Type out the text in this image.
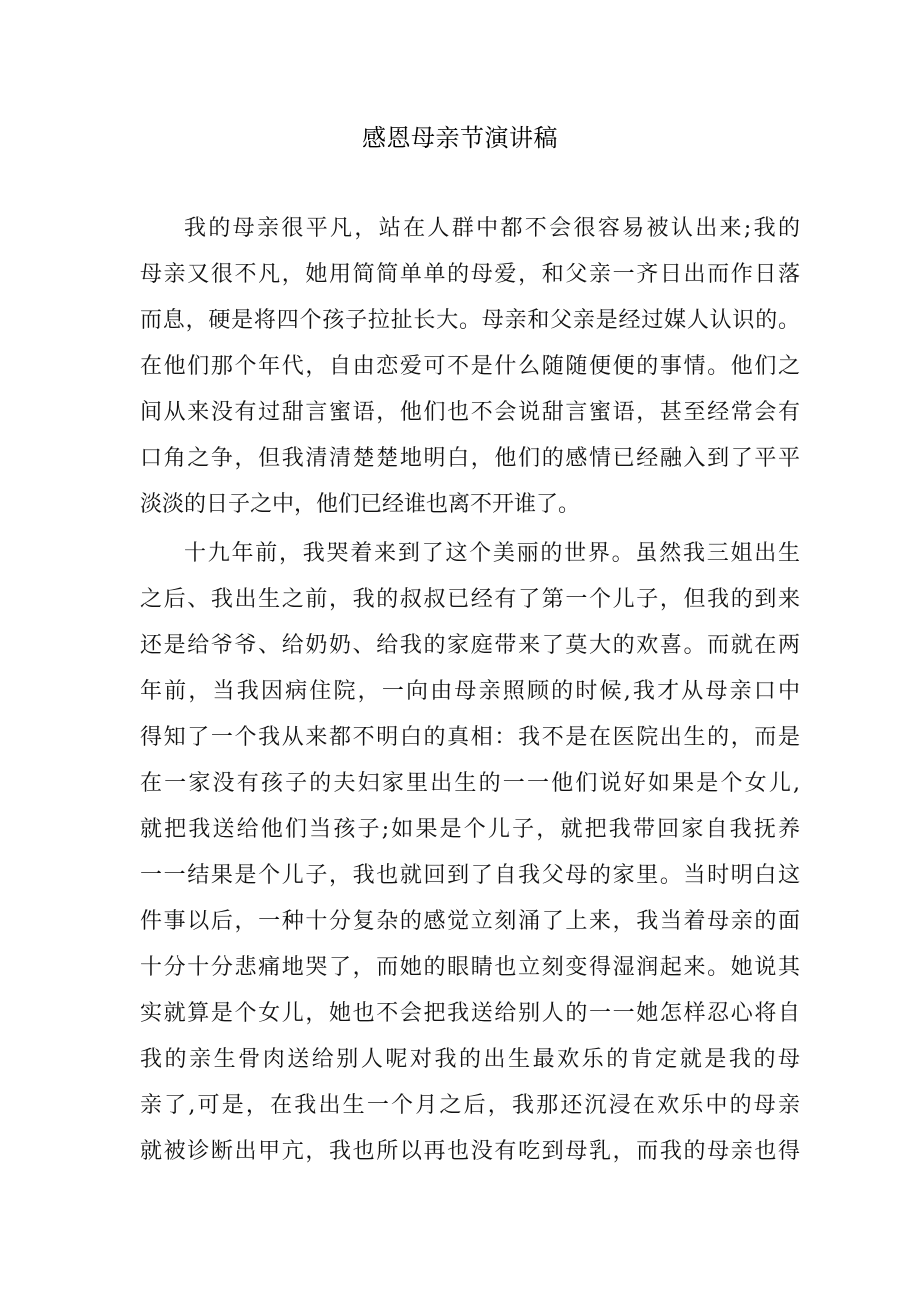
感恩母亲节演讲稿
我的母亲很平凡，站在人群中都不会很容易被认出来;我的
母亲又很不凡，她用简简单单的母爱，和父亲一齐日出而作日落
而息，硬是将四个孩子拉扯长大。母亲和父亲是经过媒人认识的。
在他们那个年代，自由恋爱可不是什么随随便便的事情。他们之
间从来没有过甜言蜜语，他们也不会说甜言蜜语，甚至经常会有
口角之争，但我清清楚楚地明白，他们的感情已经融入到了平平
淡淡的日子之中，他们已经谁也离不开谁了。
十九年前，我哭着来到了这个美丽的世界。虽然我三姐出生
之后、我出生之前，我的叔叔已经有了第一个儿子，但我的到来
还是给爷爷、给奶奶、给我的家庭带来了莫大的欢喜。而就在两
年前，当我因病住院，一向由母亲照顾的时候,我才从母亲口中
得知了一个我从来都不明白的真相：我不是在医院出生的，而是
在一家没有孩子的夫妇家里出生的一一他们说好如果是个女儿,
就把我送给他们当孩子;如果是个儿子，就把我带回家自我抚养
一一结果是个儿子，我也就回到了自我父母的家里。当时明白这
件事以后，一种十分复杂的感觉立刻涌了上来，我当着母亲的面
十分十分悲痛地哭了，而她的眼睛也立刻变得湿润起来。她说其
实就算是个女儿，她也不会把我送给别人的一一她怎样忍心将自
我的亲生骨肉送给别人呢对我的出生最欢乐的肯定就是我的母
亲了,可是，在我出生一个月之后，我那还沉浸在欢乐中的母亲
就被诊断出甲亢，我也所以再也没有吃到母乳，而我的母亲也得
